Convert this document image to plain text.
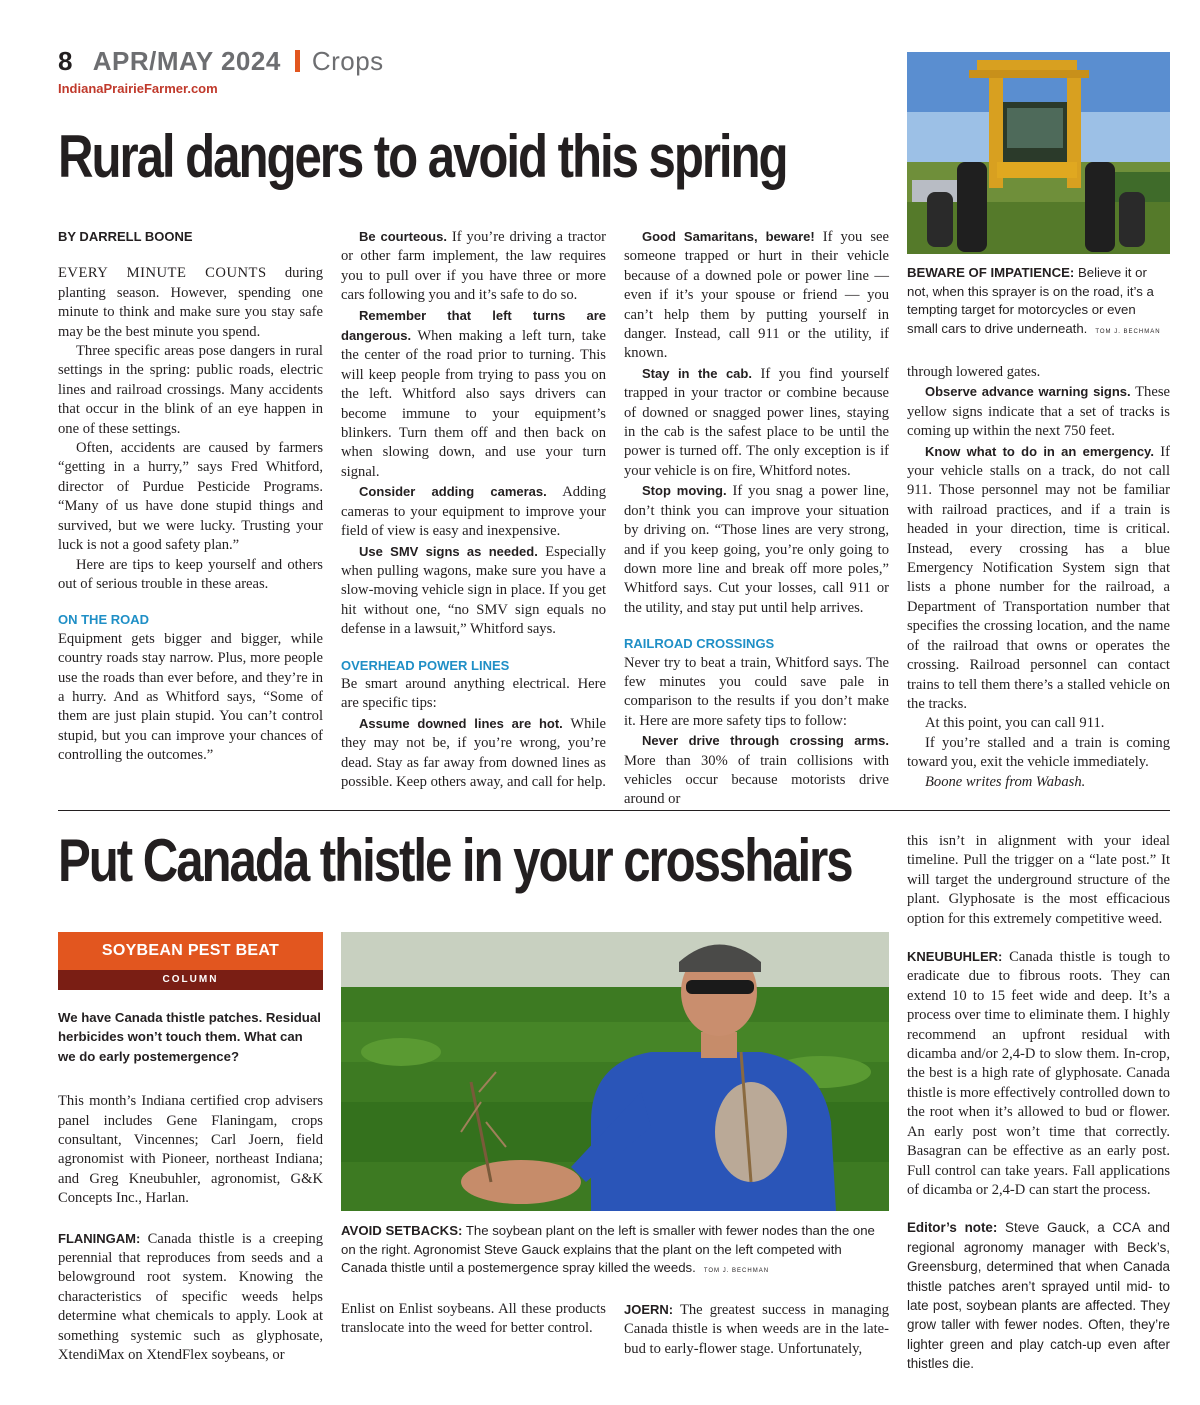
8 APR/MAY 2024 Crops
IndianaPrairieFarmer.com
Rural dangers to avoid this spring
BEWARE OF IMPATIENCE: Believe it or not, when this sprayer is on the road, it’s a tempting target for motorcycles or even small cars to drive underneath. TOM J. BECHMAN

BY DARRELL BOONE

EVERY MINUTE COUNTS during planting season. However, spending one minute to think and make sure you stay safe may be the best minute you spend.

Three specific areas pose dangers in rural settings in the spring: public roads, electric lines and railroad crossings. Many accidents that occur in the blink of an eye happen in one of these settings.

Often, accidents are caused by farmers “getting in a hurry,” says Fred Whitford, director of Purdue Pesticide Programs. “Many of us have done stupid things and survived, but we were lucky. Trusting your luck is not a good safety plan.”

Here are tips to keep yourself and others out of serious trouble in these areas.

ON THE ROAD

Equipment gets bigger and bigger, while country roads stay narrow. Plus, more people use the roads than ever before, and they’re in a hurry. And as Whitford says, “Some of them are just plain stupid. You can’t control stupid, but you can improve your chances of controlling the outcomes.”

Be courteous. If you’re driving a tractor or other farm implement, the law requires you to pull over if you have three or more cars following you and it’s safe to do so.

Remember that left turns are dangerous. When making a left turn, take the center of the road prior to turning. This will keep people from trying to pass you on the left. Whitford also says drivers can become immune to your equipment’s blinkers. Turn them off and then back on when slowing down, and use your turn signal.

Consider adding cameras. Adding cameras to your equipment to improve your field of view is easy and inexpensive.

Use SMV signs as needed. Especially when pulling wagons, make sure you have a slow-moving vehicle sign in place. If you get hit without one, “no SMV sign equals no defense in a lawsuit,” Whitford says.

OVERHEAD POWER LINES

Be smart around anything electrical. Here are specific tips:

Assume downed lines are hot. While they may not be, if you’re wrong, you’re dead. Stay as far away from downed lines as possible. Keep others away, and call for help.

Good Samaritans, beware! If you see someone trapped or hurt in their vehicle because of a downed pole or power line — even if it’s your spouse or friend — you can’t help them by putting yourself in danger. Instead, call 911 or the utility, if known.

Stay in the cab. If you find yourself trapped in your tractor or combine because of downed or snagged power lines, staying in the cab is the safest place to be until the power is turned off. The only exception is if your vehicle is on fire, Whitford notes.

Stop moving. If you snag a power line, don’t think you can improve your situation by driving on. “Those lines are very strong, and if you keep going, you’re only going to down more line and break off more poles,” Whitford says. Cut your losses, call 911 or the utility, and stay put until help arrives.

RAILROAD CROSSINGS

Never try to beat a train, Whitford says. The few minutes you could save pale in comparison to the results if you don’t make it. Here are more safety tips to follow:

Never drive through crossing arms. More than 30% of train collisions with vehicles occur because motorists drive around or

through lowered gates.

Observe advance warning signs. These yellow signs indicate that a set of tracks is coming up within the next 750 feet.

Know what to do in an emergency. If your vehicle stalls on a track, do not call 911. Those personnel may not be familiar with railroad practices, and if a train is headed in your direction, time is critical. Instead, every crossing has a blue Emergency Notification System sign that lists a phone number for the railroad, a Department of Transportation number that specifies the crossing location, and the name of the railroad that owns or operates the crossing. Railroad personnel can contact trains to tell them there’s a stalled vehicle on the tracks.

At this point, you can call 911.

If you’re stalled and a train is coming toward you, exit the vehicle immediately.

Boone writes from Wabash.

Put Canada thistle in your crosshairs
SOYBEAN PEST BEAT
COLUMN
We have Canada thistle patches. Residual herbicides won’t touch them. What can we do early postemergence?

This month’s Indiana certified crop advisers panel includes Gene Flaningam, crops consultant, Vincennes; Carl Joern, field agronomist with Pioneer, northeast Indiana; and Greg Kneubuhler, agronomist, G&K Concepts Inc., Harlan.

FLANINGAM: Canada thistle is a creeping perennial that reproduces from seeds and a belowground root system. Knowing the characteristics of specific weeds helps determine what chemicals to apply. Look at something systemic such as glyphosate, XtendiMax on XtendFlex soybeans, or

AVOID SETBACKS: The soybean plant on the left is smaller with fewer nodes than the one on the right. Agronomist Steve Gauck explains that the plant on the left competed with Canada thistle until a postemergence spray killed the weeds. TOM J. BECHMAN

Enlist on Enlist soybeans. All these products translocate into the weed for better control.

JOERN: The greatest success in managing Canada thistle is when weeds are in the late-bud to early-flower stage. Unfortunately,

this isn’t in alignment with your ideal timeline. Pull the trigger on a “late post.” It will target the underground structure of the plant. Glyphosate is the most efficacious option for this extremely competitive weed.

KNEUBUHLER: Canada thistle is tough to eradicate due to fibrous roots. They can extend 10 to 15 feet wide and deep. It’s a process over time to eliminate them. I highly recommend an upfront residual with dicamba and/or 2,4-D to slow them. In-crop, the best is a high rate of glyphosate. Canada thistle is more effectively controlled down to the root when it’s allowed to bud or flower. An early post won’t time that correctly. Basagran can be effective as an early post. Full control can take years. Fall applications of dicamba or 2,4-D can start the process.

Editor’s note: Steve Gauck, a CCA and regional agronomy manager with Beck’s, Greensburg, determined that when Canada thistle patches aren’t sprayed until mid- to late post, soybean plants are affected. They grow taller with fewer nodes. Often, they’re lighter green and play catch-up even after thistles die.
